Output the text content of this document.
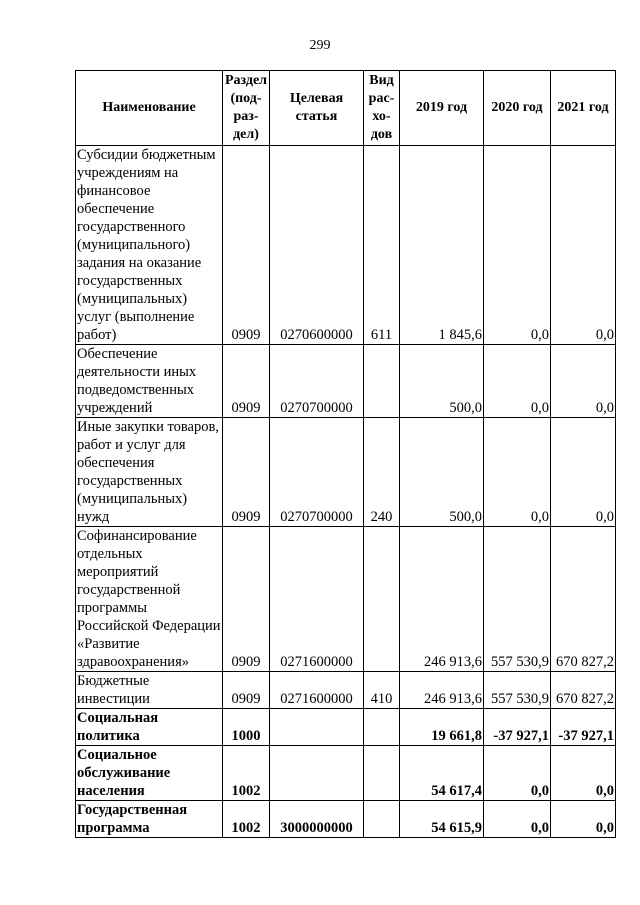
299
Наименование	Раздел (под-раз-дел)	Целевая статья	Вид рас-хо-дов	2019 год	2020 год	2021 год
Субсидии бюджетным учреждениям на финансовое обеспечение государственного (муниципального) задания на оказание государственных (муниципальных) услуг (выполнение работ)	0909	0270600000	611	1 845,6	0,0	0,0
Обеспечение деятельности иных подведомственных учреждений	0909	0270700000		500,0	0,0	0,0
Иные закупки товаров, работ и услуг для обеспечения государственных (муниципальных) нужд	0909	0270700000	240	500,0	0,0	0,0
Софинансирование отдельных мероприятий государственной программы Российской Федерации «Развитие здравоохранения»	0909	0271600000		246 913,6	557 530,9	670 827,2
Бюджетные инвестиции	0909	0271600000	410	246 913,6	557 530,9	670 827,2
Социальная политика	1000			19 661,8	-37 927,1	-37 927,1
Социальное обслуживание населения	1002			54 617,4	0,0	0,0
Государственная программа	1002	3000000000		54 615,9	0,0	0,0
